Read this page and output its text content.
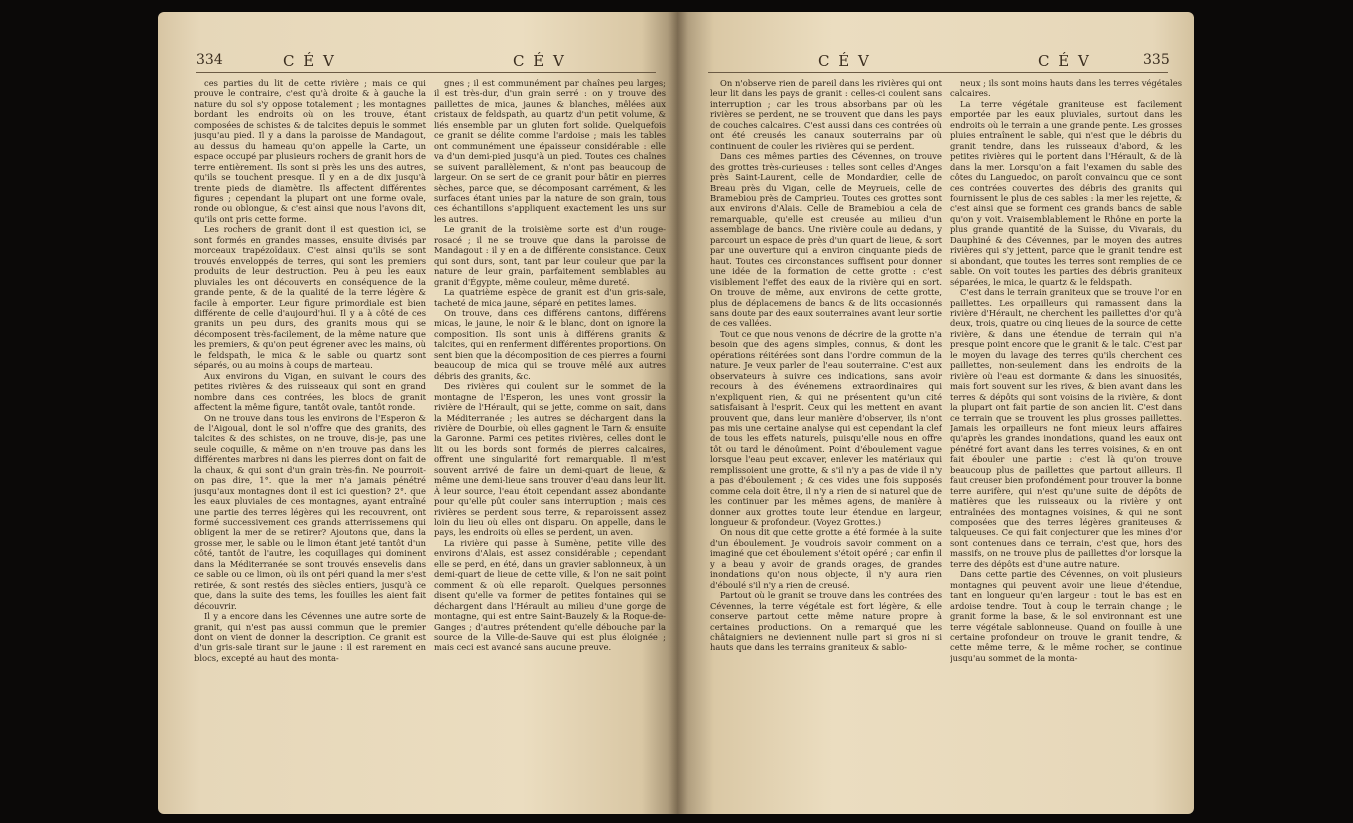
334	C É V	C É V

ces parties du lit de cette rivière ; mais ce qui prouve le contraire, c'est qu'à droite & à gauche la nature du sol s'y oppose totalement ; les montagnes bordant les endroits où on les trouve, étant composées de schistes & de talcites depuis le sommet jusqu'au pied. Il y a dans la paroisse de Mandagout, au dessus du hameau qu'on appelle la Carte, un espace occupé par plusieurs rochers de granit hors de terre entièrement. Ils sont si près les uns des autres, qu'ils se touchent presque. Il y en a de dix jusqu'à trente pieds de diamètre. Ils affectent différentes figures ; cependant la plupart ont une forme ovale, ronde ou oblongue, & c'est ainsi que nous l'avons dit, qu'ils ont pris cette forme.

Les rochers de granit dont il est question ici, se sont formés en grandes masses, ensuite divisés par morceaux trapézoïdaux. C'est ainsi qu'ils se sont trouvés enveloppés de terres, qui sont les premiers produits de leur destruction. Peu à peu les eaux pluviales les ont découverts en conséquence de la grande pente, & de la qualité de la terre légère & facile à emporter. Leur figure primordiale est bien différente de celle d'aujourd'hui. Il y a à côté de ces granits un peu durs, des granits mous qui se décomposent très-facilement, de la même nature que les premiers, & qu'on peut égrener avec les mains, où le feldspath, le mica & le sable ou quartz sont séparés, ou au moins à coups de marteau.

Aux environs du Vigan, en suivant le cours des petites rivières & des ruisseaux qui sont en grand nombre dans ces contrées, les blocs de granit affectent la même figure, tantôt ovale, tantôt ronde.

On ne trouve dans tous les environs de l'Esperon & de l'Aigoual, dont le sol n'offre que des granits, des talcites & des schistes, on ne trouve, dis-je, pas une seule coquille, & même on n'en trouve pas dans les différentes marbres ni dans les pierres dont on fait de la chaux, & qui sont d'un grain très-fin. Ne pourroit-on pas dire, 1°. que la mer n'a jamais pénétré jusqu'aux montagnes dont il est ici question? 2°. que les eaux pluviales de ces montagnes, ayant entraîné une partie des terres légères qui les recouvrent, ont formé successivement ces grands atterrissemens qui obligent la mer de se retirer? Ajoutons que, dans la grosse mer, le sable ou le limon étant jeté tantôt d'un côté, tantôt de l'autre, les coquillages qui dominent dans la Méditerranée se sont trouvés ensevelis dans ce sable ou ce limon, où ils ont péri quand la mer s'est retirée, & sont restés des siècles entiers, jusqu'à ce que, dans la suite des tems, les fouilles les aient fait découvrir.

Il y a encore dans les Cévennes une autre sorte de granit, qui n'est pas aussi commun que le premier dont on vient de donner la description. Ce granit est d'un gris-sale tirant sur le jaune : il est rarement en blocs, excepté au haut des monta-

gnes ; il est communément par chaînes peu larges; il est très-dur, d'un grain serré : on y trouve des paillettes de mica, jaunes & blanches, mêlées aux cristaux de feldspath, au quartz d'un petit volume, & liés ensemble par un gluten fort solide. Quelquefois ce granit se délite comme l'ardoise ; mais les tables ont communément une épaisseur considérable : elle va d'un demi-pied jusqu'à un pied. Toutes ces chaînes se suivent parallèlement, & n'ont pas beaucoup de largeur. On se sert de ce granit pour bâtir en pierres sèches, parce que, se décomposant carrément, & les surfaces étant unies par la nature de son grain, tous ces échantillons s'appliquent exactement les uns sur les autres.

Le granit de la troisième sorte est d'un rouge-rosacé ; il ne se trouve que dans la paroisse de Mandagout : il y en a de différente consistance. Ceux qui sont durs, sont, tant par leur couleur que par la nature de leur grain, parfaitement semblables au granit d'Égypte, même couleur, même dureté.

La quatrième espèce de granit est d'un gris-sale, tacheté de mica jaune, séparé en petites lames.

On trouve, dans ces différens cantons, différens micas, le jaune, le noir & le blanc, dont on ignore la composition. Ils sont unis à différens granits & talcites, qui en renferment différentes proportions. On sent bien que la décomposition de ces pierres a fourni beaucoup de mica qui se trouve mêlé aux autres débris des granits, &c.

Des rivières qui coulent sur le sommet de la montagne de l'Esperon, les unes vont grossir la rivière de l'Hérault, qui se jette, comme on sait, dans la Méditerranée ; les autres se déchargent dans la rivière de Dourbie, où elles gagnent le Tarn & ensuite la Garonne. Parmi ces petites rivières, celles dont le lit ou les bords sont formés de pierres calcaires, offrent une singularité fort remarquable. Il m'est souvent arrivé de faire un demi-quart de lieue, & même une demi-lieue sans trouver d'eau dans leur lit. À leur source, l'eau étoit cependant assez abondante pour qu'elle pût couler sans interruption ; mais ces rivières se perdent sous terre, & reparoissent assez loin du lieu où elles ont disparu. On appelle, dans le pays, les endroits où elles se perdent, un aven.

La rivière qui passe à Sumène, petite ville des environs d'Alais, est assez considérable ; cependant elle se perd, en été, dans un gravier sablonneux, à un demi-quart de lieue de cette ville, & l'on ne sait point comment & où elle reparoît. Quelques personnes disent qu'elle va former de petites fontaines qui se déchargent dans l'Hérault au milieu d'une gorge de montagne, qui est entre Saint-Bauzely & la Roque-de-Ganges ; d'autres prétendent qu'elle débouche par la source de la Ville-de-Sauve qui est plus éloignée ; mais ceci est avancé sans aucune preuve.

C É V	C É V	335

On n'observe rien de pareil dans les rivières qui ont leur lit dans les pays de granit : celles-ci coulent sans interruption ; car les trous absorbans par où les rivières se perdent, ne se trouvent que dans les pays de couches calcaires. C'est aussi dans ces contrées où ont été creusés les canaux souterrains par où continuent de couler les rivières qui se perdent.

Dans ces mêmes parties des Cévennes, on trouve des grottes très-curieuses : telles sont celles d'Anges près Saint-Laurent, celle de Mondardier, celle de Breau près du Vigan, celle de Meyrueis, celle de Bramebiou près de Camprieu. Toutes ces grottes sont aux environs d'Alais. Celle de Bramebiou a cela de remarquable, qu'elle est creusée au milieu d'un assemblage de bancs. Une rivière coule au dedans, y parcourt un espace de près d'un quart de lieue, & sort par une ouverture qui a environ cinquante pieds de haut. Toutes ces circonstances suffisent pour donner une idée de la formation de cette grotte : c'est visiblement l'effet des eaux de la rivière qui en sort. On trouve de même, aux environs de cette grotte, plus de déplacemens de bancs & de lits occasionnés sans doute par des eaux souterraines avant leur sortie de ces vallées.

Tout ce que nous venons de décrire de la grotte n'a besoin que des agens simples, connus, & dont les opérations réitérées sont dans l'ordre commun de la nature. Je veux parler de l'eau souterraine. C'est aux observateurs à suivre ces indications, sans avoir recours à des événemens extraordinaires qui n'expliquent rien, & qui ne présentent qu'un cité satisfaisant à l'esprit. Ceux qui les mettent en avant prouvent que, dans leur manière d'observer, ils n'ont pas mis une certaine analyse qui est cependant la clef de tous les effets naturels, puisqu'elle nous en offre tôt ou tard le dénoûment. Point d'éboulement vague lorsque l'eau peut excaver, enlever les matériaux qui remplissoient une grotte, & s'il n'y a pas de vide il n'y a pas d'éboulement ; & ces vides une fois supposés comme cela doit être, il n'y a rien de si naturel que de les continuer par les mêmes agens, de manière à donner aux grottes toute leur étendue en largeur, longueur & profondeur. (Voyez Grottes.)

On nous dit que cette grotte a été formée à la suite d'un éboulement. Je voudrois savoir comment on a imaginé que cet éboulement s'étoit opéré ; car enfin il y a beau y avoir de grands orages, de grandes inondations qu'on nous objecte, il n'y aura rien d'éboulé s'il n'y a rien de creusé.

Partout où le granit se trouve dans les contrées des Cévennes, la terre végétale est fort légère, & elle conserve partout cette même nature propre à certaines productions. On a remarqué que les châtaigniers ne deviennent nulle part si gros ni si hauts que dans les terrains graniteux & sablo-

neux ; ils sont moins hauts dans les terres végétales calcaires.

La terre végétale graniteuse est facilement emportée par les eaux pluviales, surtout dans les endroits où le terrain a une grande pente. Les grosses pluies entraînent le sable, qui n'est que le débris du granit tendre, dans les ruisseaux d'abord, & les petites rivières qui le portent dans l'Hérault, & de là dans la mer. Lorsqu'on a fait l'examen du sable des côtes du Languedoc, on paroît convaincu que ce sont ces contrées couvertes des débris des granits qui fournissent le plus de ces sables : la mer les rejette, & c'est ainsi que se forment ces grands bancs de sable qu'on y voit. Vraisemblablement le Rhône en porte la plus grande quantité de la Suisse, du Vivarais, du Dauphiné & des Cévennes, par le moyen des autres rivières qui s'y jettent, parce que le granit tendre est si abondant, que toutes les terres sont remplies de ce sable. On voit toutes les parties des débris graniteux séparées, le mica, le quartz & le feldspath.

C'est dans le terrain graniteux que se trouve l'or en paillettes. Les orpailleurs qui ramassent dans la rivière d'Hérault, ne cherchent les paillettes d'or qu'à deux, trois, quatre ou cinq lieues de la source de cette rivière, & dans une étendue de terrain qui n'a presque point encore que le granit & le talc. C'est par le moyen du lavage des terres qu'ils cherchent ces paillettes, non-seulement dans les endroits de la rivière où l'eau est dormante & dans les sinuosités, mais fort souvent sur les rives, & bien avant dans les terres & dépôts qui sont voisins de la rivière, & dont la plupart ont fait partie de son ancien lit. C'est dans ce terrain que se trouvent les plus grosses paillettes. Jamais les orpailleurs ne font mieux leurs affaires qu'après les grandes inondations, quand les eaux ont pénétré fort avant dans les terres voisines, & en ont fait ébouler une partie : c'est là qu'on trouve beaucoup plus de paillettes que partout ailleurs. Il faut creuser bien profondément pour trouver la bonne terre aurifère, qui n'est qu'une suite de dépôts de matières que les ruisseaux ou la rivière y ont entraînées des montagnes voisines, & qui ne sont composées que des terres légères graniteuses & talqueuses. Ce qui fait conjecturer que les mines d'or sont contenues dans ce terrain, c'est que, hors des massifs, on ne trouve plus de paillettes d'or lorsque la terre des dépôts est d'une autre nature.

Dans cette partie des Cévennes, on voit plusieurs montagnes qui peuvent avoir une lieue d'étendue, tant en longueur qu'en largeur : tout le bas est en ardoise tendre. Tout à coup le terrain change ; le granit forme la base, & le sol environnant est une terre végétale sablonneuse. Quand on fouille à une certaine profondeur on trouve le granit tendre, & cette même terre, & le même rocher, se continue jusqu'au sommet de la monta-
